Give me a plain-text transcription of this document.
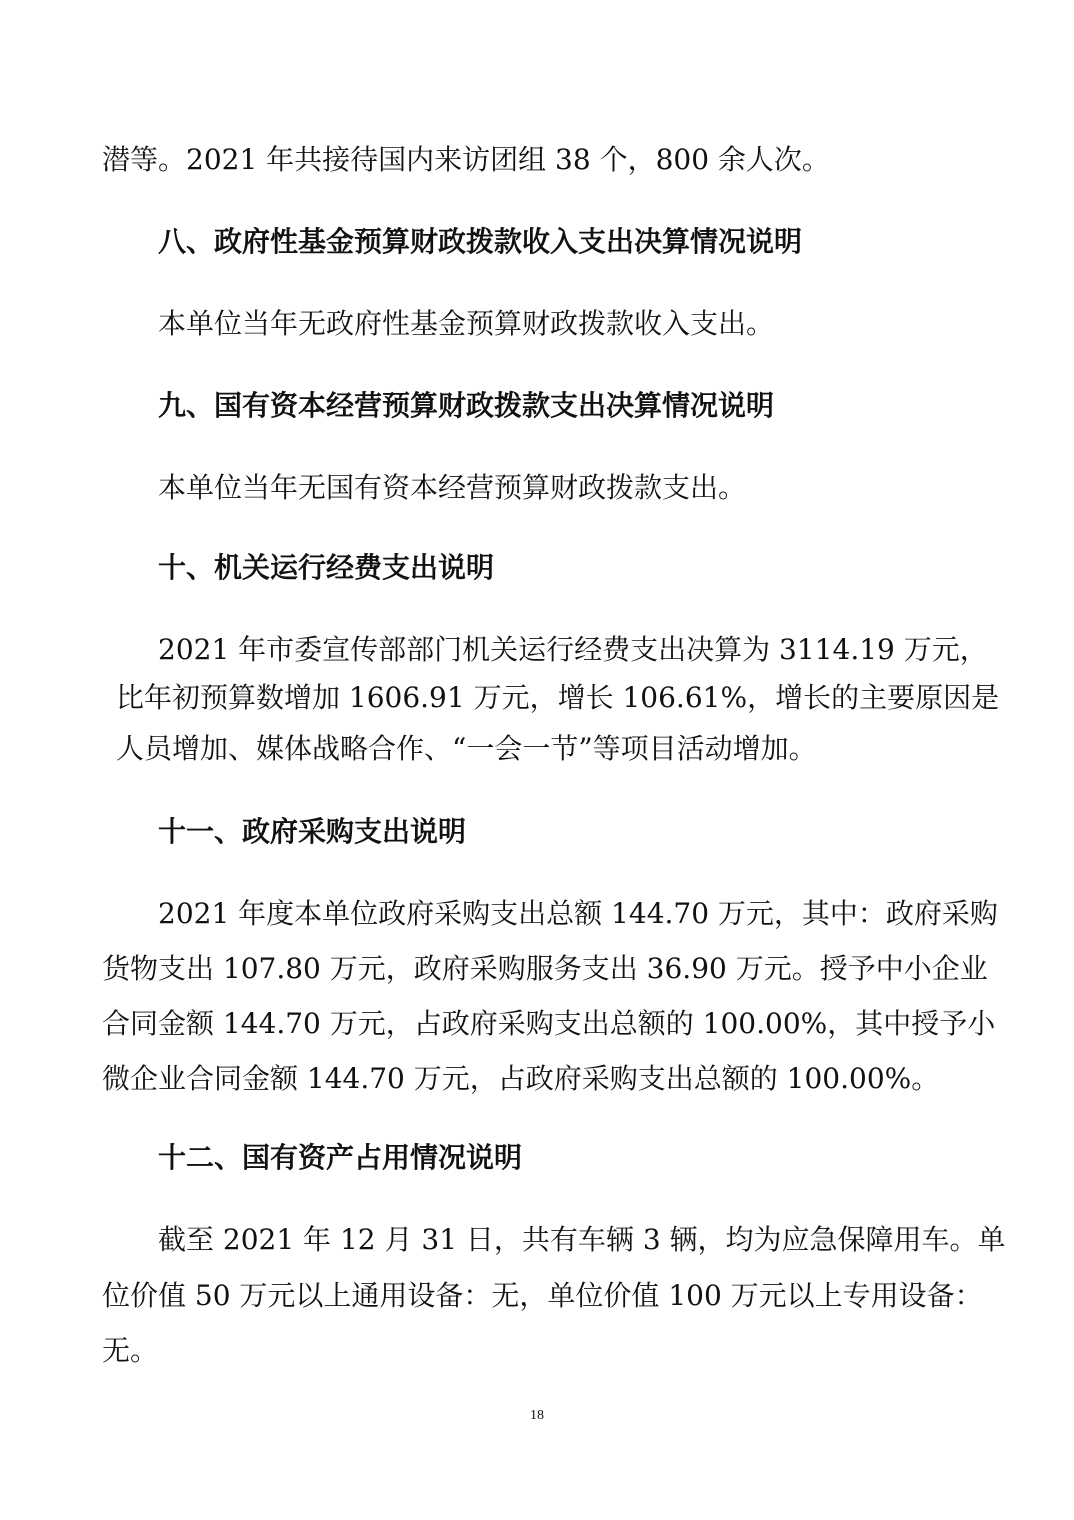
潜等。2021 年共接待国内来访团组 38 个，800 余人次。
八、政府性基金预算财政拨款收入支出决算情况说明
本单位当年无政府性基金预算财政拨款收入支出。
九、国有资本经营预算财政拨款支出决算情况说明
本单位当年无国有资本经营预算财政拨款支出。
十、机关运行经费支出说明
2021 年市委宣传部部门机关运行经费支出决算为 3114.19 万元，
比年初预算数增加 1606.91 万元，增长 106.61%，增长的主要原因是
人员增加、媒体战略合作、“一会一节”等项目活动增加。
十一、政府采购支出说明
2021 年度本单位政府采购支出总额 144.70 万元，其中：政府采购
货物支出 107.80 万元，政府采购服务支出 36.90 万元。授予中小企业
合同金额 144.70 万元，占政府采购支出总额的 100.00%，其中授予小
微企业合同金额 144.70 万元，占政府采购支出总额的 100.00%。
十二、国有资产占用情况说明
截至 2021 年 12 月 31 日，共有车辆 3 辆，均为应急保障用车。单
位价值 50 万元以上通用设备：无，单位价值 100 万元以上专用设备：
无。
18
